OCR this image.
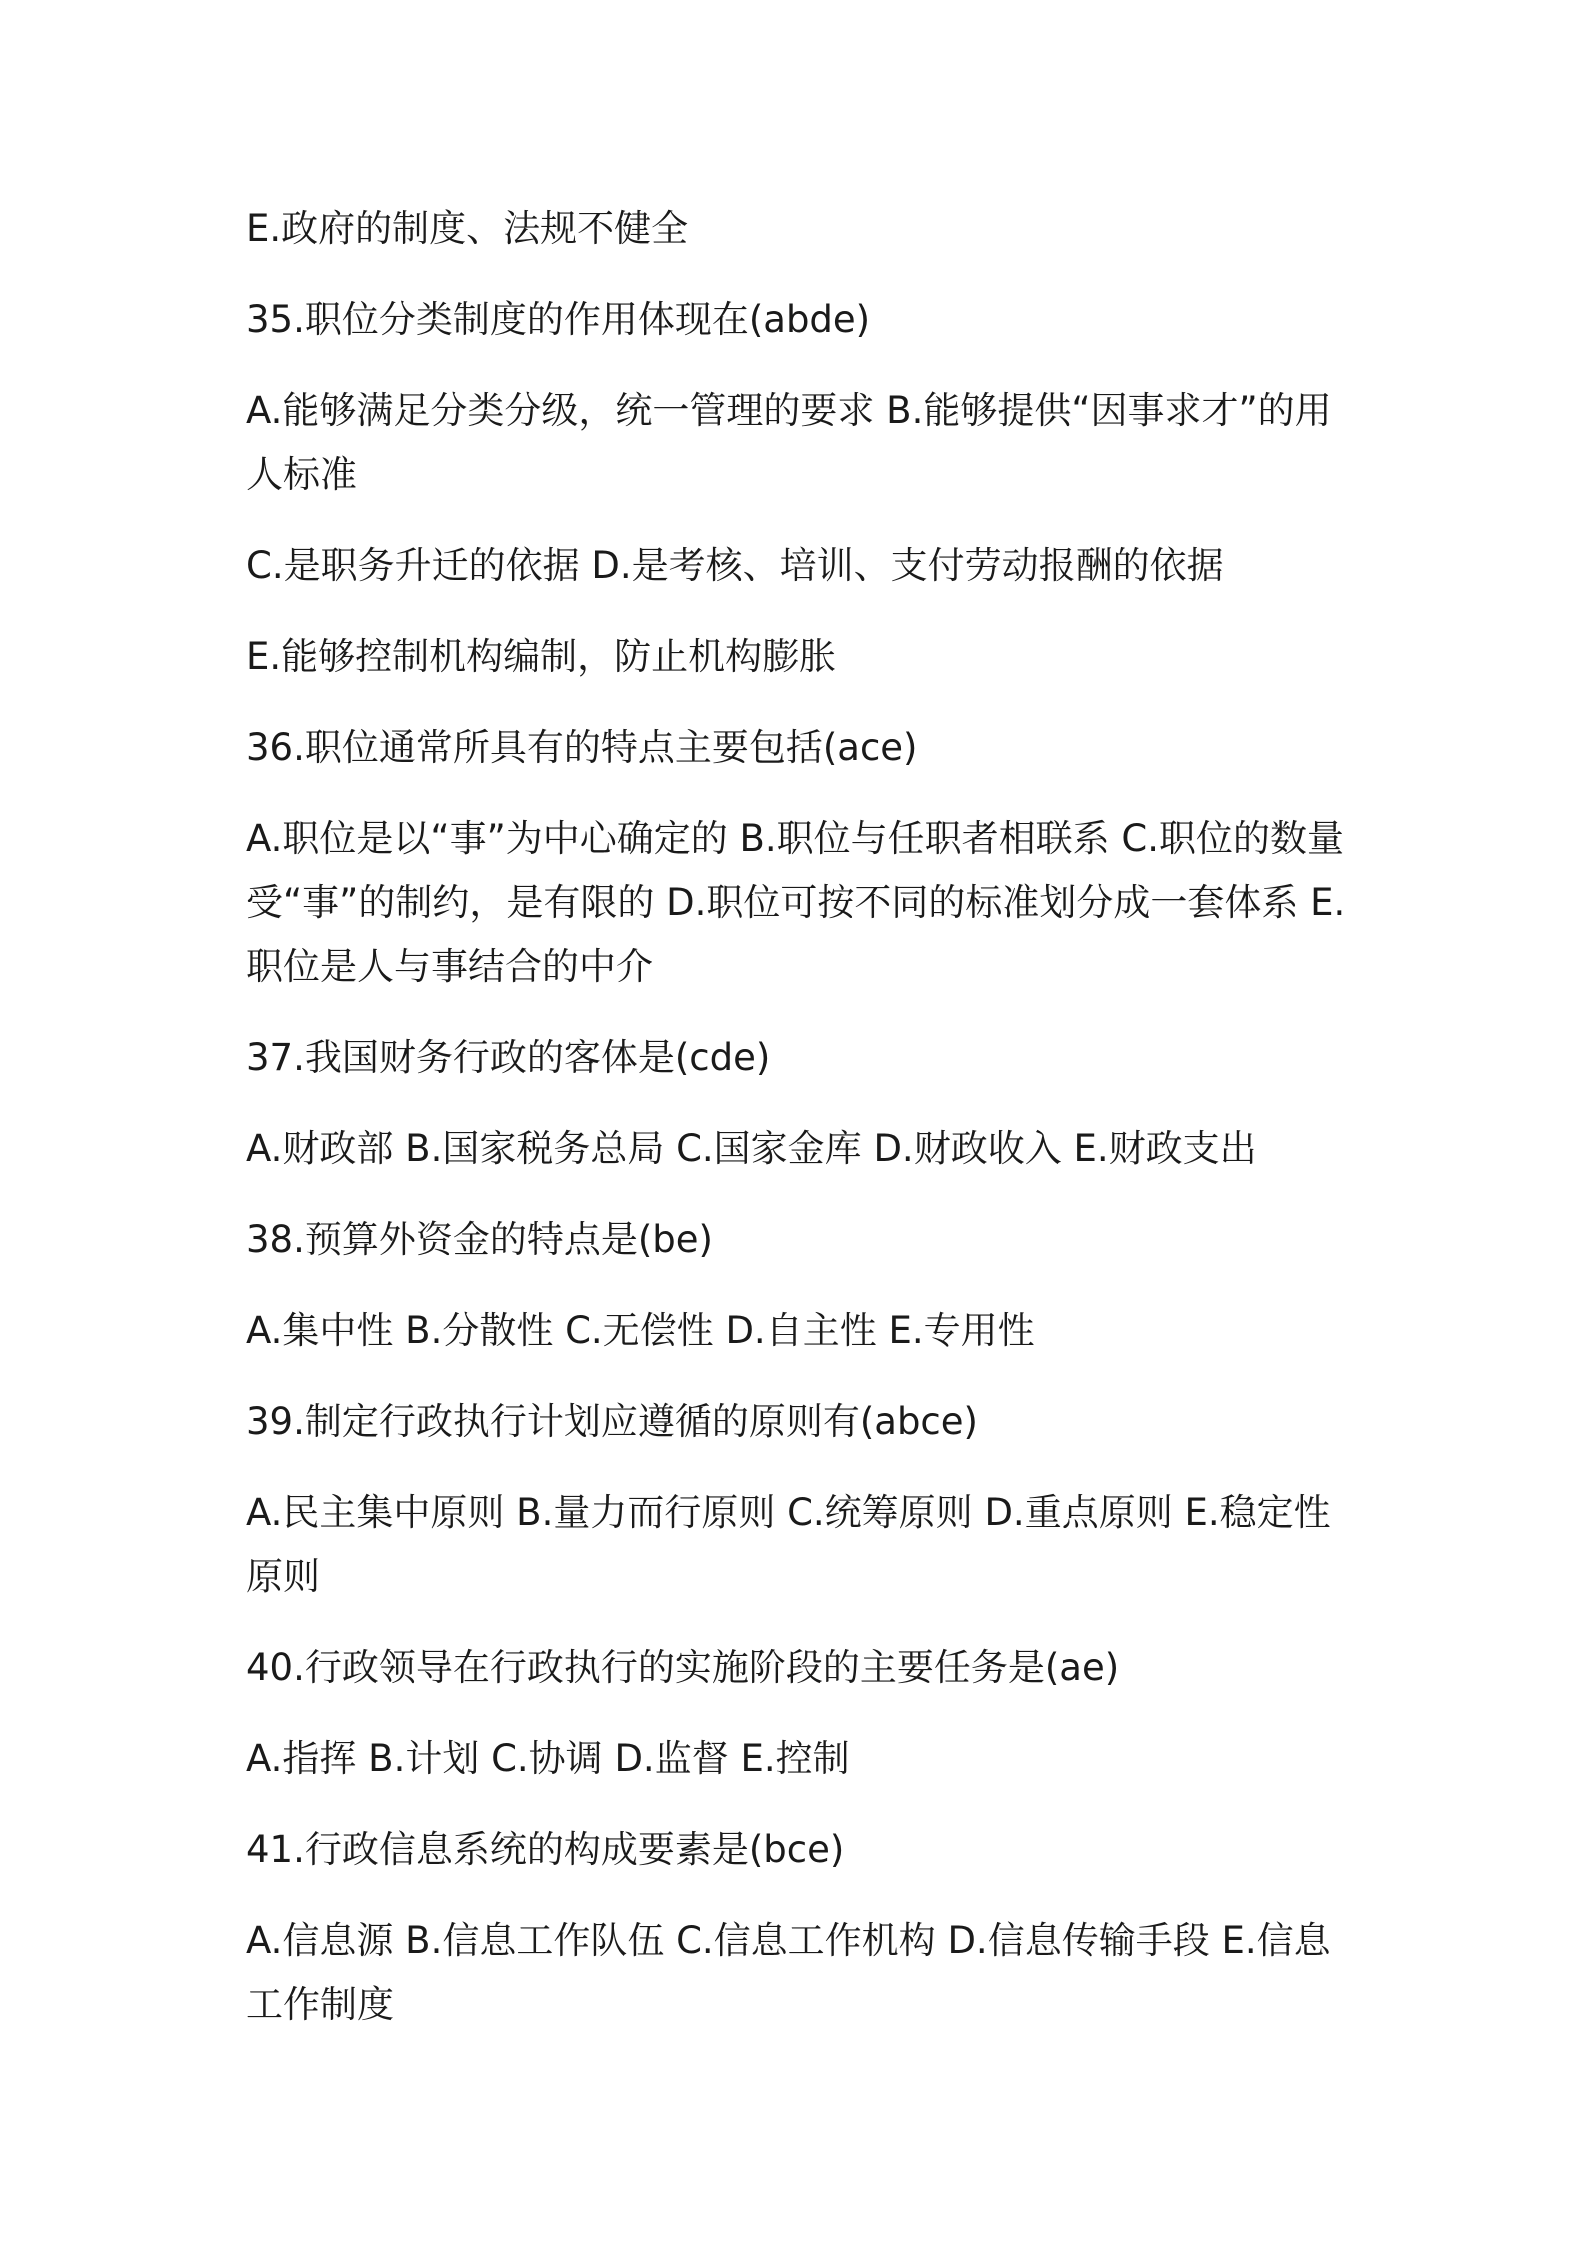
E.政府的制度、法规不健全

35.职位分类制度的作用体现在(abde)

A.能够满足分类分级，统一管理的要求 B.能够提供“因事求才”的用人标准

C.是职务升迁的依据 D.是考核、培训、支付劳动报酬的依据

E.能够控制机构编制，防止机构膨胀

36.职位通常所具有的特点主要包括(ace)

A.职位是以“事”为中心确定的 B.职位与任职者相联系 C.职位的数量受“事”的制约，是有限的 D.职位可按不同的标准划分成一套体系 E.职位是人与事结合的中介

37.我国财务行政的客体是(cde)

A.财政部 B.国家税务总局 C.国家金库 D.财政收入 E.财政支出

38.预算外资金的特点是(be)

A.集中性 B.分散性 C.无偿性 D.自主性 E.专用性

39.制定行政执行计划应遵循的原则有(abce)

A.民主集中原则 B.量力而行原则 C.统筹原则 D.重点原则 E.稳定性原则

40.行政领导在行政执行的实施阶段的主要任务是(ae)

A.指挥 B.计划 C.协调 D.监督 E.控制

41.行政信息系统的构成要素是(bce)

A.信息源 B.信息工作队伍 C.信息工作机构 D.信息传输手段 E.信息工作制度
